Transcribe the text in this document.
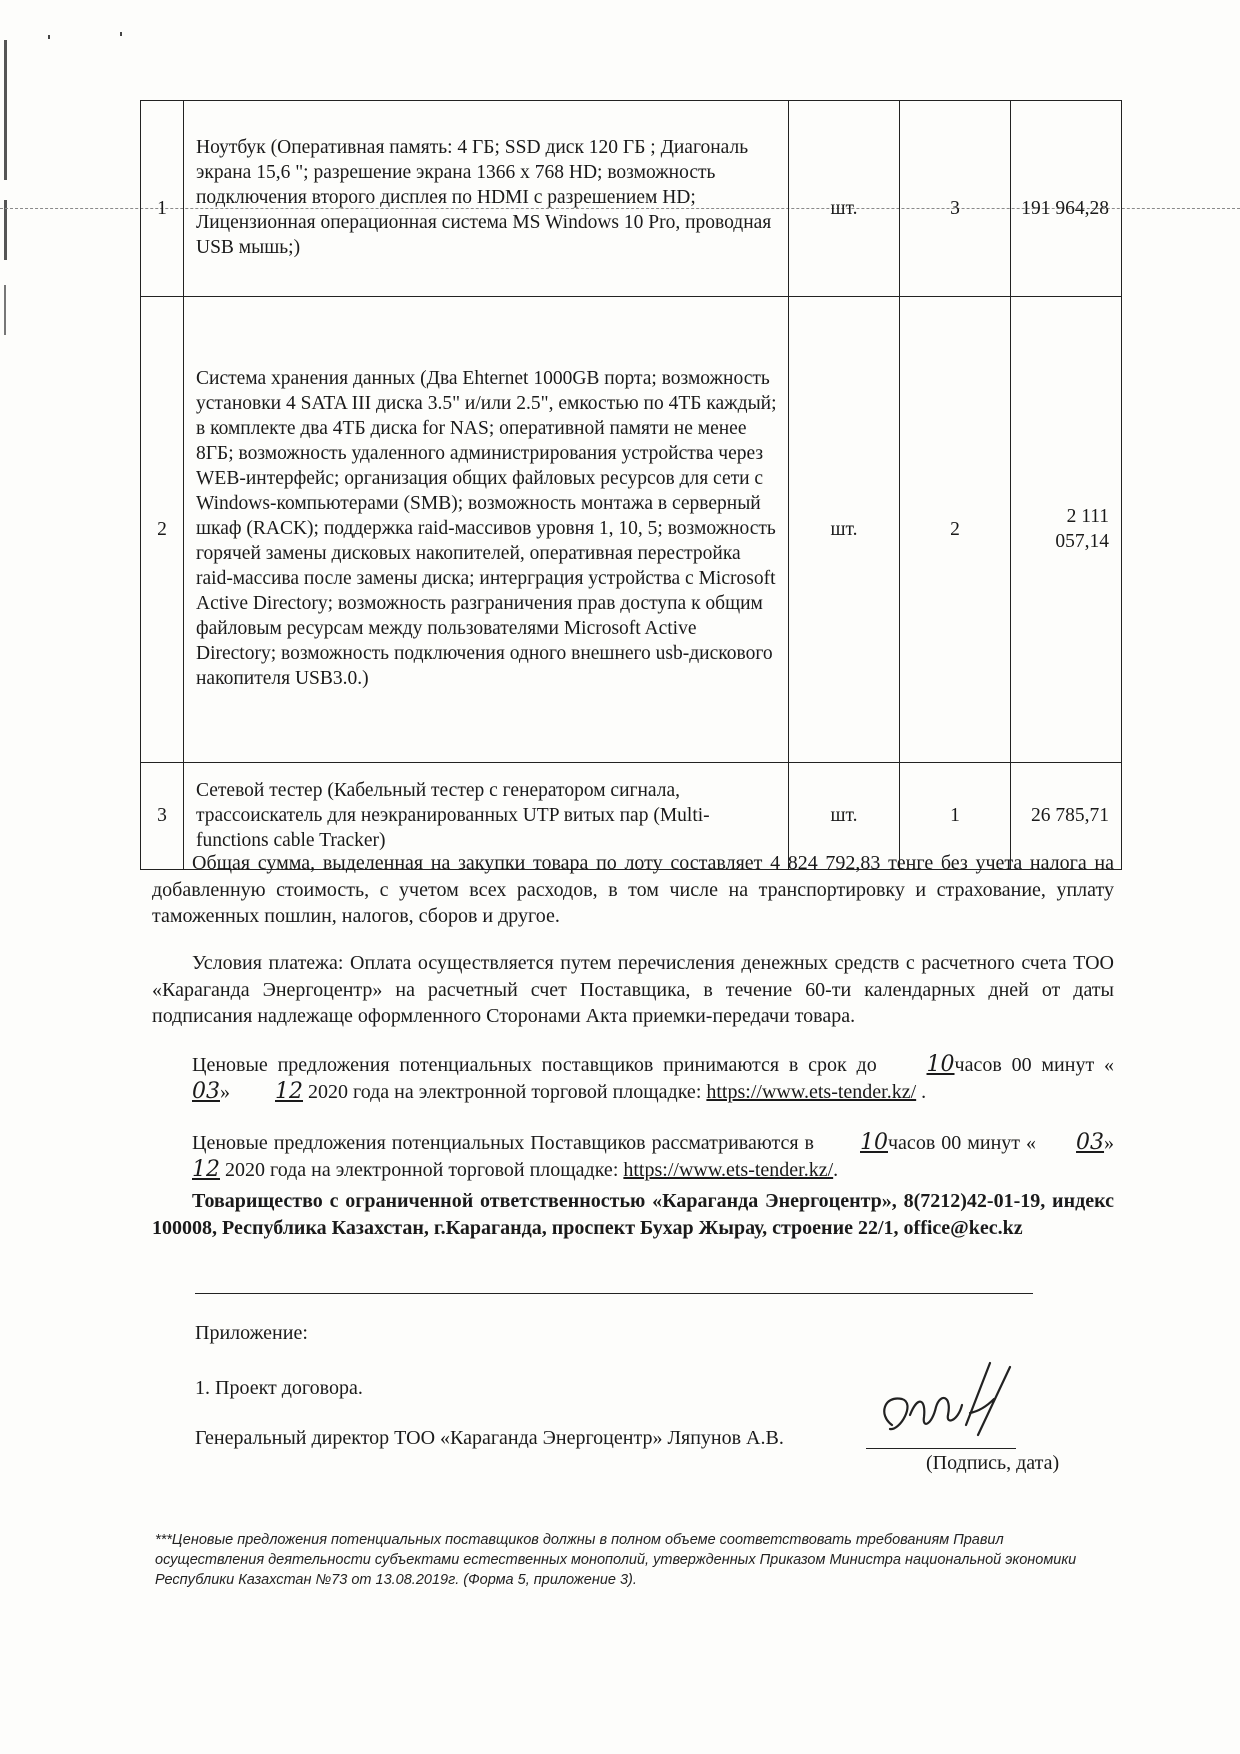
1	Ноутбук (Оперативная память: 4 ГБ; SSD диск 120 ГБ ; Диагональ экрана 15,6 "; разрешение экрана 1366 х 768 HD; возможность подключения второго дисплея по HDMI с разрешением HD; Лицензионная операционная система MS Windows 10 Pro, проводная USB мышь;)	шт.	3	191 964,28
2	Система хранения данных (Два Ehternet 1000GB порта; возможность установки 4 SATA III диска 3.5" и/или 2.5", емкостью по 4ТБ каждый; в комплекте два 4ТБ диска for NAS; оперативной памяти не менее 8ГБ; возможность удаленного администрирования устройства через WEB-интерфейс; организация общих файловых ресурсов для сети с Windows-компьютерами (SMB); возможность монтажа в серверный шкаф (RACK); поддержка raid-массивов уровня 1, 10, 5; возможность горячей замены дисковых накопителей, оперативная перестройка raid-массива после замены диска; интерграция устройства с Microsoft Active Directory; возможность разграничения прав доступа к общим файловым ресурсам между пользователями Microsoft Active Directory; возможность подключения одного внешнего usb-дискового накопителя USB3.0.)	шт.	2	2 111 057,14
3	Сетевой тестер (Кабельный тестер с генератором сигнала, трассоискатель для неэкранированных UTP витых пар (Multi-functions cable Tracker)	шт.	1	26 785,71
Общая сумма, выделенная на закупки товара по лоту составляет 4 824 792,83 тенге без учета налога на добавленную стоимость, с учетом всех расходов, в том числе на транспортировку и страхование, уплату таможенных пошлин, налогов, сборов и другое.
Условия платежа: Оплата осуществляется путем перечисления денежных средств с расчетного счета ТОО «Караганда Энергоцентр» на расчетный счет Поставщика, в течение 60-ти календарных дней от даты подписания надлежаще оформленного Сторонами Акта приемки-передачи товара.
Ценовые предложения потенциальных поставщиков принимаются в срок до 10часов 00 минут «03» 12 2020 года на электронной торговой площадке: https://www.ets-tender.kz/ .
Ценовые предложения потенциальных Поставщиков рассматриваются в 10часов 00 минут « 03» 12 2020 года на электронной торговой площадке: https://www.ets-tender.kz/.
Товарищество с ограниченной ответственностью «Караганда Энергоцентр», 8(7212)42-01-19, индекс 100008, Республика Казахстан, г.Караганда, проспект Бухар Жырау, строение 22/1, office@kec.kz
Приложение:
1. Проект договора.
Генеральный директор ТОО «Караганда Энергоцентр» Ляпунов А.В.
(Подпись, дата)
***Ценовые предложения потенциальных поставщиков должны в полном объеме соответствовать требованиям Правил осуществления деятельности субъектами естественных монополий, утвержденных Приказом Министра национальной экономики Республики Казахстан №73 от 13.08.2019г. (Форма 5, приложение 3).
